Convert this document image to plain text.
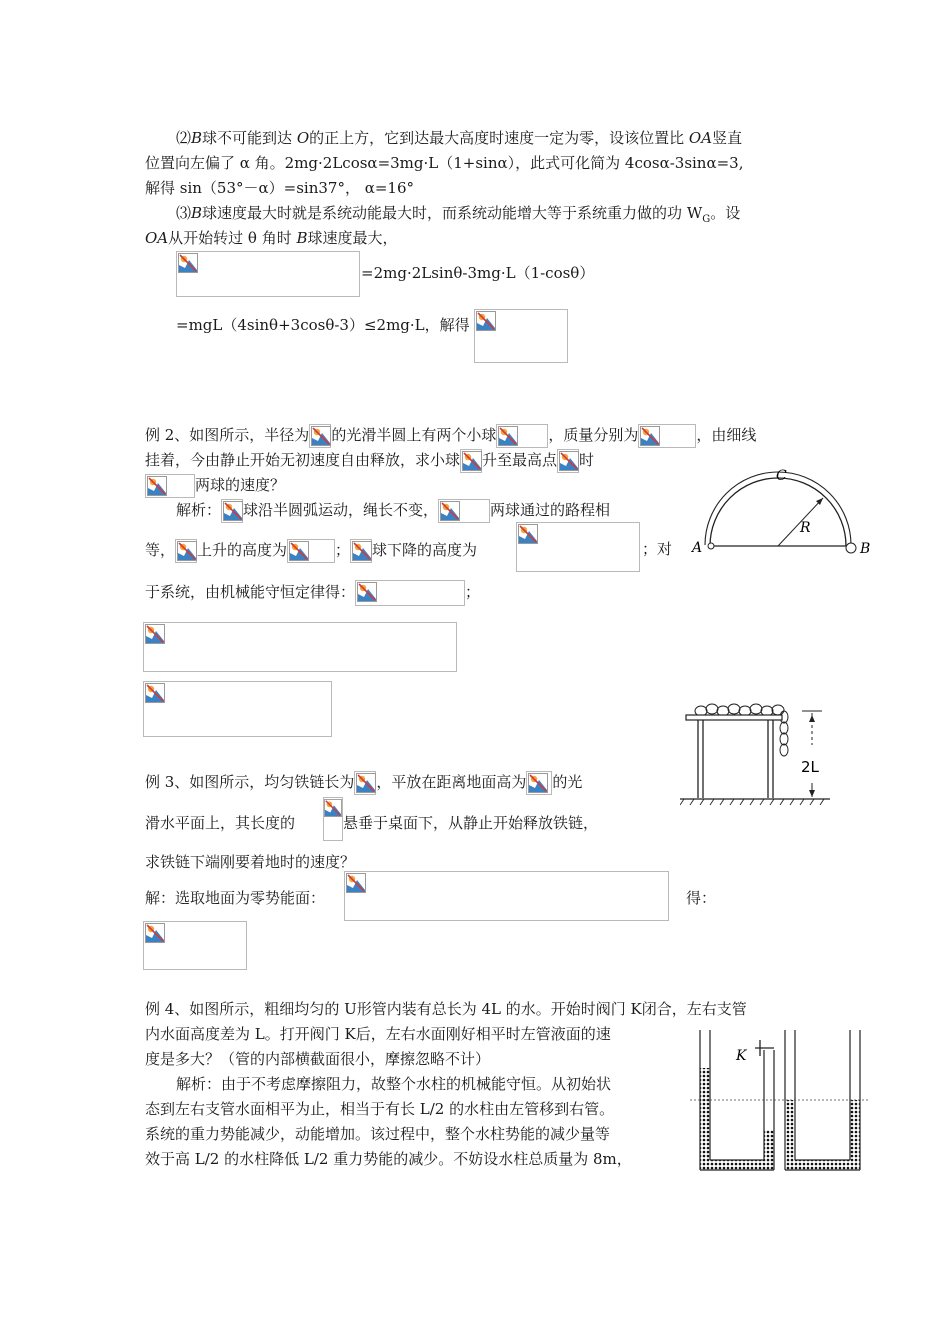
⑵B球不可能到达 O的正上方，它到达最大高度时速度一定为零，设该位置比 OA竖直
位置向左偏了 α 角。2mg·2Lcosα=3mg·L（1+sinα），此式可化简为 4cosα-3sinα=3,
解得 sin（53°－α）=sin37°， α=16°
⑶B球速度最大时就是系统动能最大时，而系统动能增大等于系统重力做的功 $W_G$。设
OA从开始转过 θ 角时 B球速度最大，
=2mg·2Lsinθ-3mg·L（1-cosθ）
=mgL（4sinθ+3cosθ-3）≤2mg·L，解得
例 2、如图所示，半径为 的光滑半圆上有两个小球	，质量分别为	，由细线
挂着，今由静止开始无初速度自由释放，求小球 升至最高点 时
两球的速度？
解析： 球沿半圆弧运动，绳长不变，	两球通过的路程相
等， 上升的高度为	； 球下降的高度为	；对
于系统，由机械能守恒定律得：	；
C
R
A	B
例 3、如图所示，均匀铁链长为 ，平放在距离地面高为 的光
滑水平面上，其长度的	悬垂于桌面下，从静止开始释放铁链，
求铁链下端刚要着地时的速度？
解：选取地面为零势能面：	得：
2L
例 4、如图所示，粗细均匀的 U形管内装有总长为 4L 的水。开始时阀门 K闭合，左右支管
内水面高度差为 L。打开阀门 K后，左右水面刚好相平时左管液面的速
度是多大？（管的内部横截面很小，摩擦忽略不计）
解析：由于不考虑摩擦阻力，故整个水柱的机械能守恒。从初始状
态到左右支管水面相平为止，相当于有长 L/2 的水柱由左管移到右管。
系统的重力势能减少，动能增加。该过程中，整个水柱势能的减少量等
效于高 L/2 的水柱降低 L/2 重力势能的减少。不妨设水柱总质量为 8m，
K
